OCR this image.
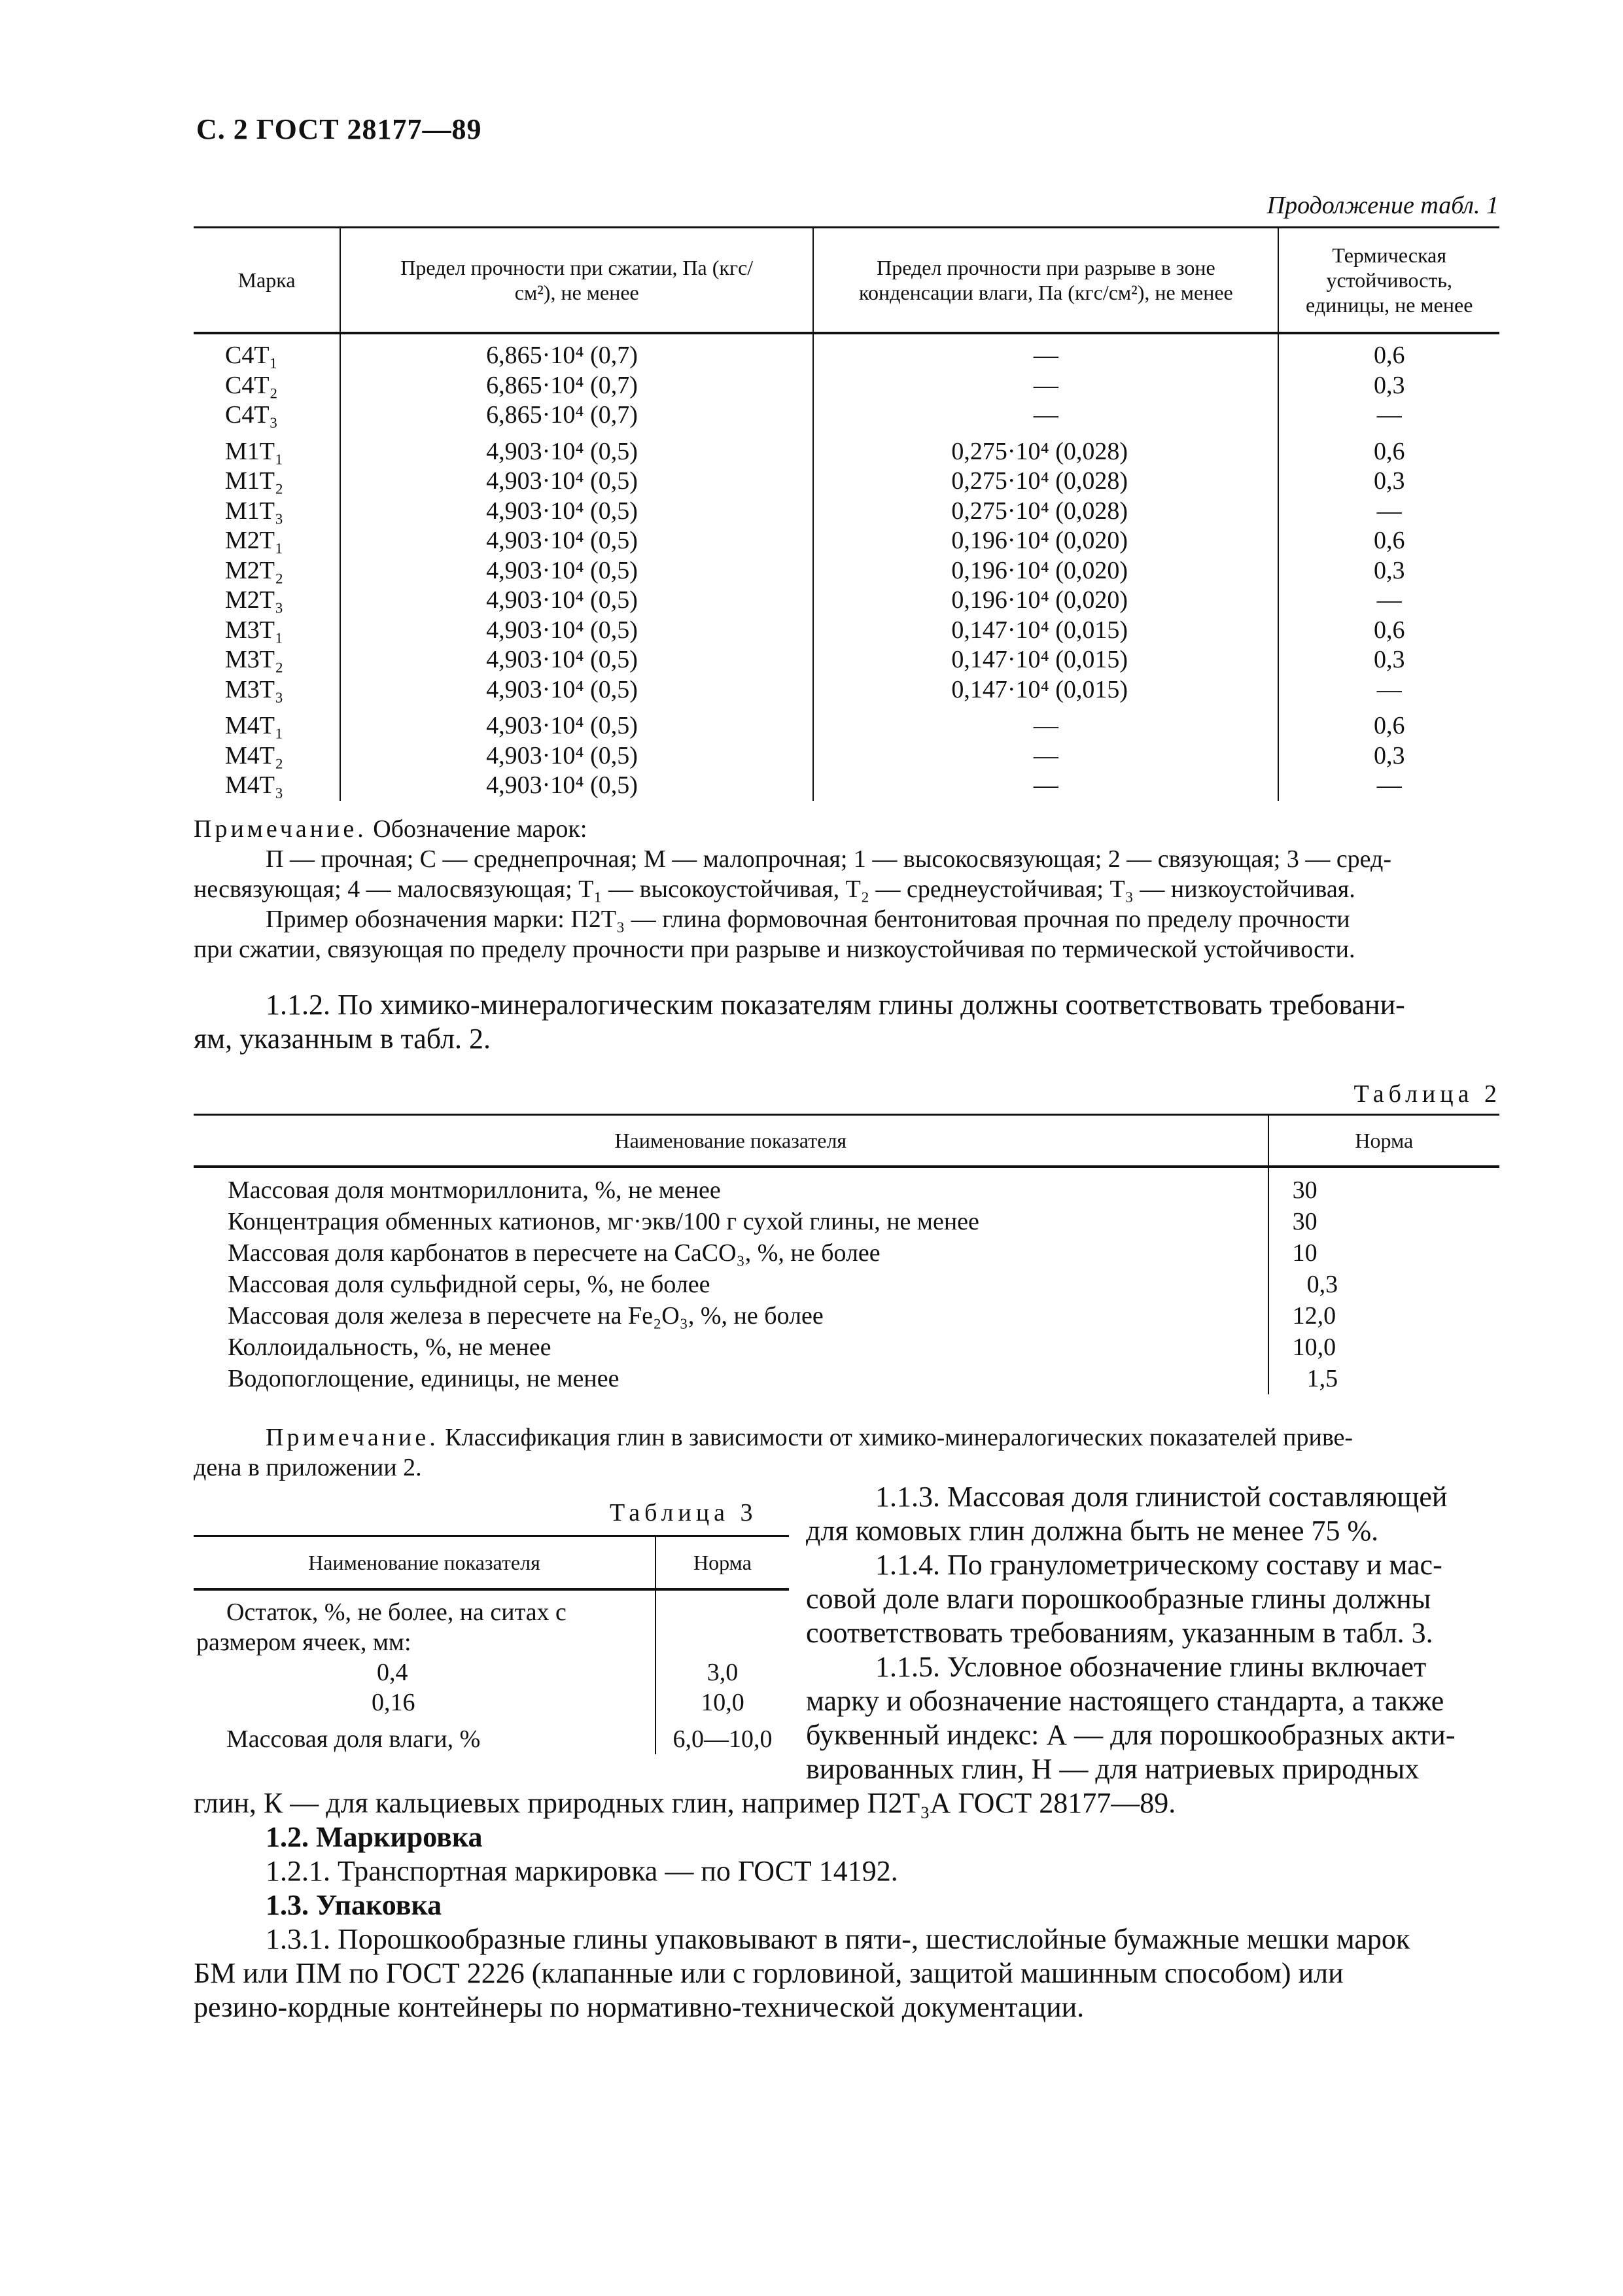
С. 2 ГОСТ 28177—89
Продолжение табл. 1
Марка	Предел прочности при сжатии, Па (кгс/см²), не менее	Предел прочности при разрыве в зоне конденсации влаги, Па (кгс/см²), не менее	Термическая устойчивость, единицы, не менее
С4Т₁	6,865·10⁴ (0,7)	—	0,6
С4Т₂	6,865·10⁴ (0,7)	—	0,3
С4Т₃	6,865·10⁴ (0,7)	—	—
М1Т₁	4,903·10⁴ (0,5)	0,275·10⁴ (0,028)	0,6
М1Т₂	4,903·10⁴ (0,5)	0,275·10⁴ (0,028)	0,3
М1Т₃	4,903·10⁴ (0,5)	0,275·10⁴ (0,028)	—
М2Т₁	4,903·10⁴ (0,5)	0,196·10⁴ (0,020)	0,6
М2Т₂	4,903·10⁴ (0,5)	0,196·10⁴ (0,020)	0,3
М2Т₃	4,903·10⁴ (0,5)	0,196·10⁴ (0,020)	—
М3Т₁	4,903·10⁴ (0,5)	0,147·10⁴ (0,015)	0,6
М3Т₂	4,903·10⁴ (0,5)	0,147·10⁴ (0,015)	0,3
М3Т₃	4,903·10⁴ (0,5)	0,147·10⁴ (0,015)	—
М4Т₁	4,903·10⁴ (0,5)	—	0,6
М4Т₂	4,903·10⁴ (0,5)	—	0,3
М4Т₃	4,903·10⁴ (0,5)	—	—
Примечание. Обозначение марок:
П — прочная; С — среднепрочная; М — малопрочная; 1 — высокосвязующая; 2 — связующая; 3 — сред-
несвязующая; 4 — малосвязующая; Т₁ — высокоустойчивая, Т₂ — среднеустойчивая; Т₃ — низкоустойчивая.
Пример обозначения марки: П2Т₃ — глина формовочная бентонитовая прочная по пределу прочности
при сжатии, связующая по пределу прочности при разрыве и низкоустойчивая по термической устойчивости.
1.1.2. По химико-минералогическим показателям глины должны соответствовать требовани-
ям, указанным в табл. 2.
Таблица 2
Наименование показателя	Норма
Массовая доля монтмориллонита, %, не менее	30
Концентрация обменных катионов, мг·экв/100 г сухой глины, не менее	30
Массовая доля карбонатов в пересчете на CaCO₃, %, не более	10
Массовая доля сульфидной серы, %, не более	0,3
Массовая доля железа в пересчете на Fe₂O₃, %, не более	12,0
Коллоидальность, %, не менее	10,0
Водопоглощение, единицы, не менее	1,5
Примечание. Классификация глин в зависимости от химико-минералогических показателей приве-
дена в приложении 2.
Таблица 3
Наименование показателя	Норма
Остаток, %, не более, на ситах с	
размером ячеек, мм:	
0,4	3,0
0,16	10,0
Массовая доля влаги, %	6,0—10,0
1.1.3. Массовая доля глинистой составляющей
для комовых глин должна быть не менее 75 %.
1.1.4. По гранулометрическому составу и мас-
совой доле влаги порошкообразные глины должны
соответствовать требованиям, указанным в табл. 3.
1.1.5. Условное обозначение глины включает
марку и обозначение настоящего стандарта, а также
буквенный индекс: А — для порошкообразных акти-
вированных глин, Н — для натриевых природных
глин, К — для кальциевых природных глин, например П2Т₃А ГОСТ 28177—89.
1.2. Маркировка
1.2.1. Транспортная маркировка — по ГОСТ 14192.
1.3. Упаковка
1.3.1. Порошкообразные глины упаковывают в пяти-, шестислойные бумажные мешки марок
БМ или ПМ по ГОСТ 2226 (клапанные или с горловиной, защитой машинным способом) или
резино-кордные контейнеры по нормативно-технической документации.
